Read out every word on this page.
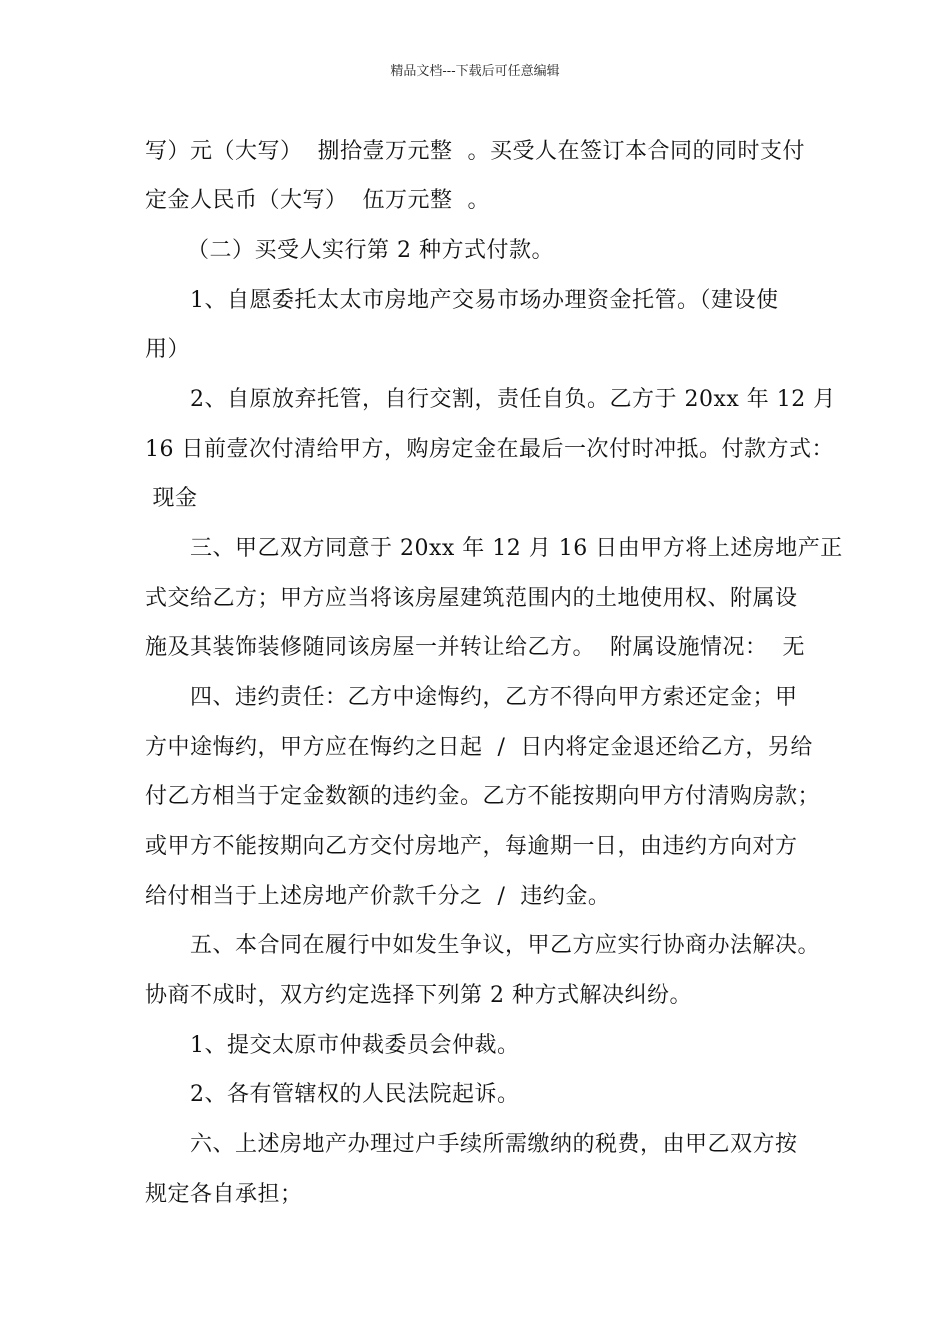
精品文档---下载后可任意编辑
写）元（大写）  捌拾壹万元整  。买受人在签订本合同的同时支付
定金人民币（大写）  伍万元整  。
（二）买受人实行第 2 种方式付款。
1、自愿委托太太市房地产交易市场办理资金托管。（建设使
用）
2、自原放弃托管，自行交割，责任自负。乙方于 20xx 年 12 月
16 日前壹次付清给甲方，购房定金在最后一次付时冲抵。付款方式：
现金
三、甲乙双方同意于 20xx 年 12 月 16 日由甲方将上述房地产正
式交给乙方；甲方应当将该房屋建筑范围内的土地使用权、附属设
施及其装饰装修随同该房屋一并转让给乙方。  附属设施情况：  无
四、违约责任：乙方中途悔约，乙方不得向甲方索还定金；甲
方中途悔约，甲方应在悔约之日起  /  日内将定金退还给乙方，另给
付乙方相当于定金数额的违约金。乙方不能按期向甲方付清购房款；
或甲方不能按期向乙方交付房地产，每逾期一日，由违约方向对方
给付相当于上述房地产价款千分之  /  违约金。
五、本合同在履行中如发生争议，甲乙方应实行协商办法解决。
协商不成时，双方约定选择下列第 2 种方式解决纠纷。
1、提交太原市仲裁委员会仲裁。
2、各有管辖权的人民法院起诉。
六、上述房地产办理过户手续所需缴纳的税费，由甲乙双方按
规定各自承担；
